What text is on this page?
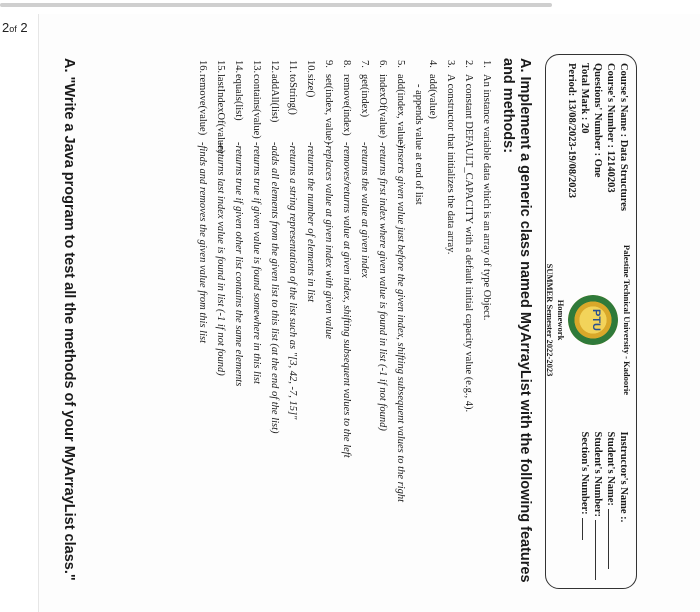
2of 2
Course's Name : Data Structures
Course's Number : 12140203
Questions' Number : One
Total Mark : 20
Period: 13/08/2023-19/08/2023
Palestine Technical University - Kadoorie
PTU
Homework
SUMMER Semester 2022-2023
Instructor's Name :.
Student's Name:
Student's Number:
Section's Number:
A. Implement a generic class named MyArrayList with the following features and methods:
1.
An instance variable data which is an array of type Object.
2.
A constant DEFAULT_CAPACITY with a default initial capacity value (e.g., 4).
3.
A constructor that initializes the data array.
4.
add(value)
- appends value at end of list
5.
add(index, value)
-inserts given value just before the given index, shifting subsequent values to the right
6.
indexOf(value)
-returns first index where given value is found in list (-1 if not found)
7.
get(index)
-returns the value at given index
8.
remove(index)
-removes/returns value at given index, shifting subsequent values to the left
9.
set(index, value)
-replaces value at given index with given value
10.
size()
-returns the number of elements in list
11.
toString()
-returns a string representation of the list such as "[3, 42, -7, 15]"
12.
addAll(list)
-adds all elements from the given list to this list (at the end of the list)
13.
contains(value)
-returns true if given value is found somewhere in this list
14.
equals(list)
-returns true if given other list contains the same elements
15.
lastIndexOf(value)
-returns last index value is found in list (-1 if not found)
16.
remove(value)
-finds and removes the given value from this list
A. "Write a Java program to test all the methods of your MyArrayList class."
